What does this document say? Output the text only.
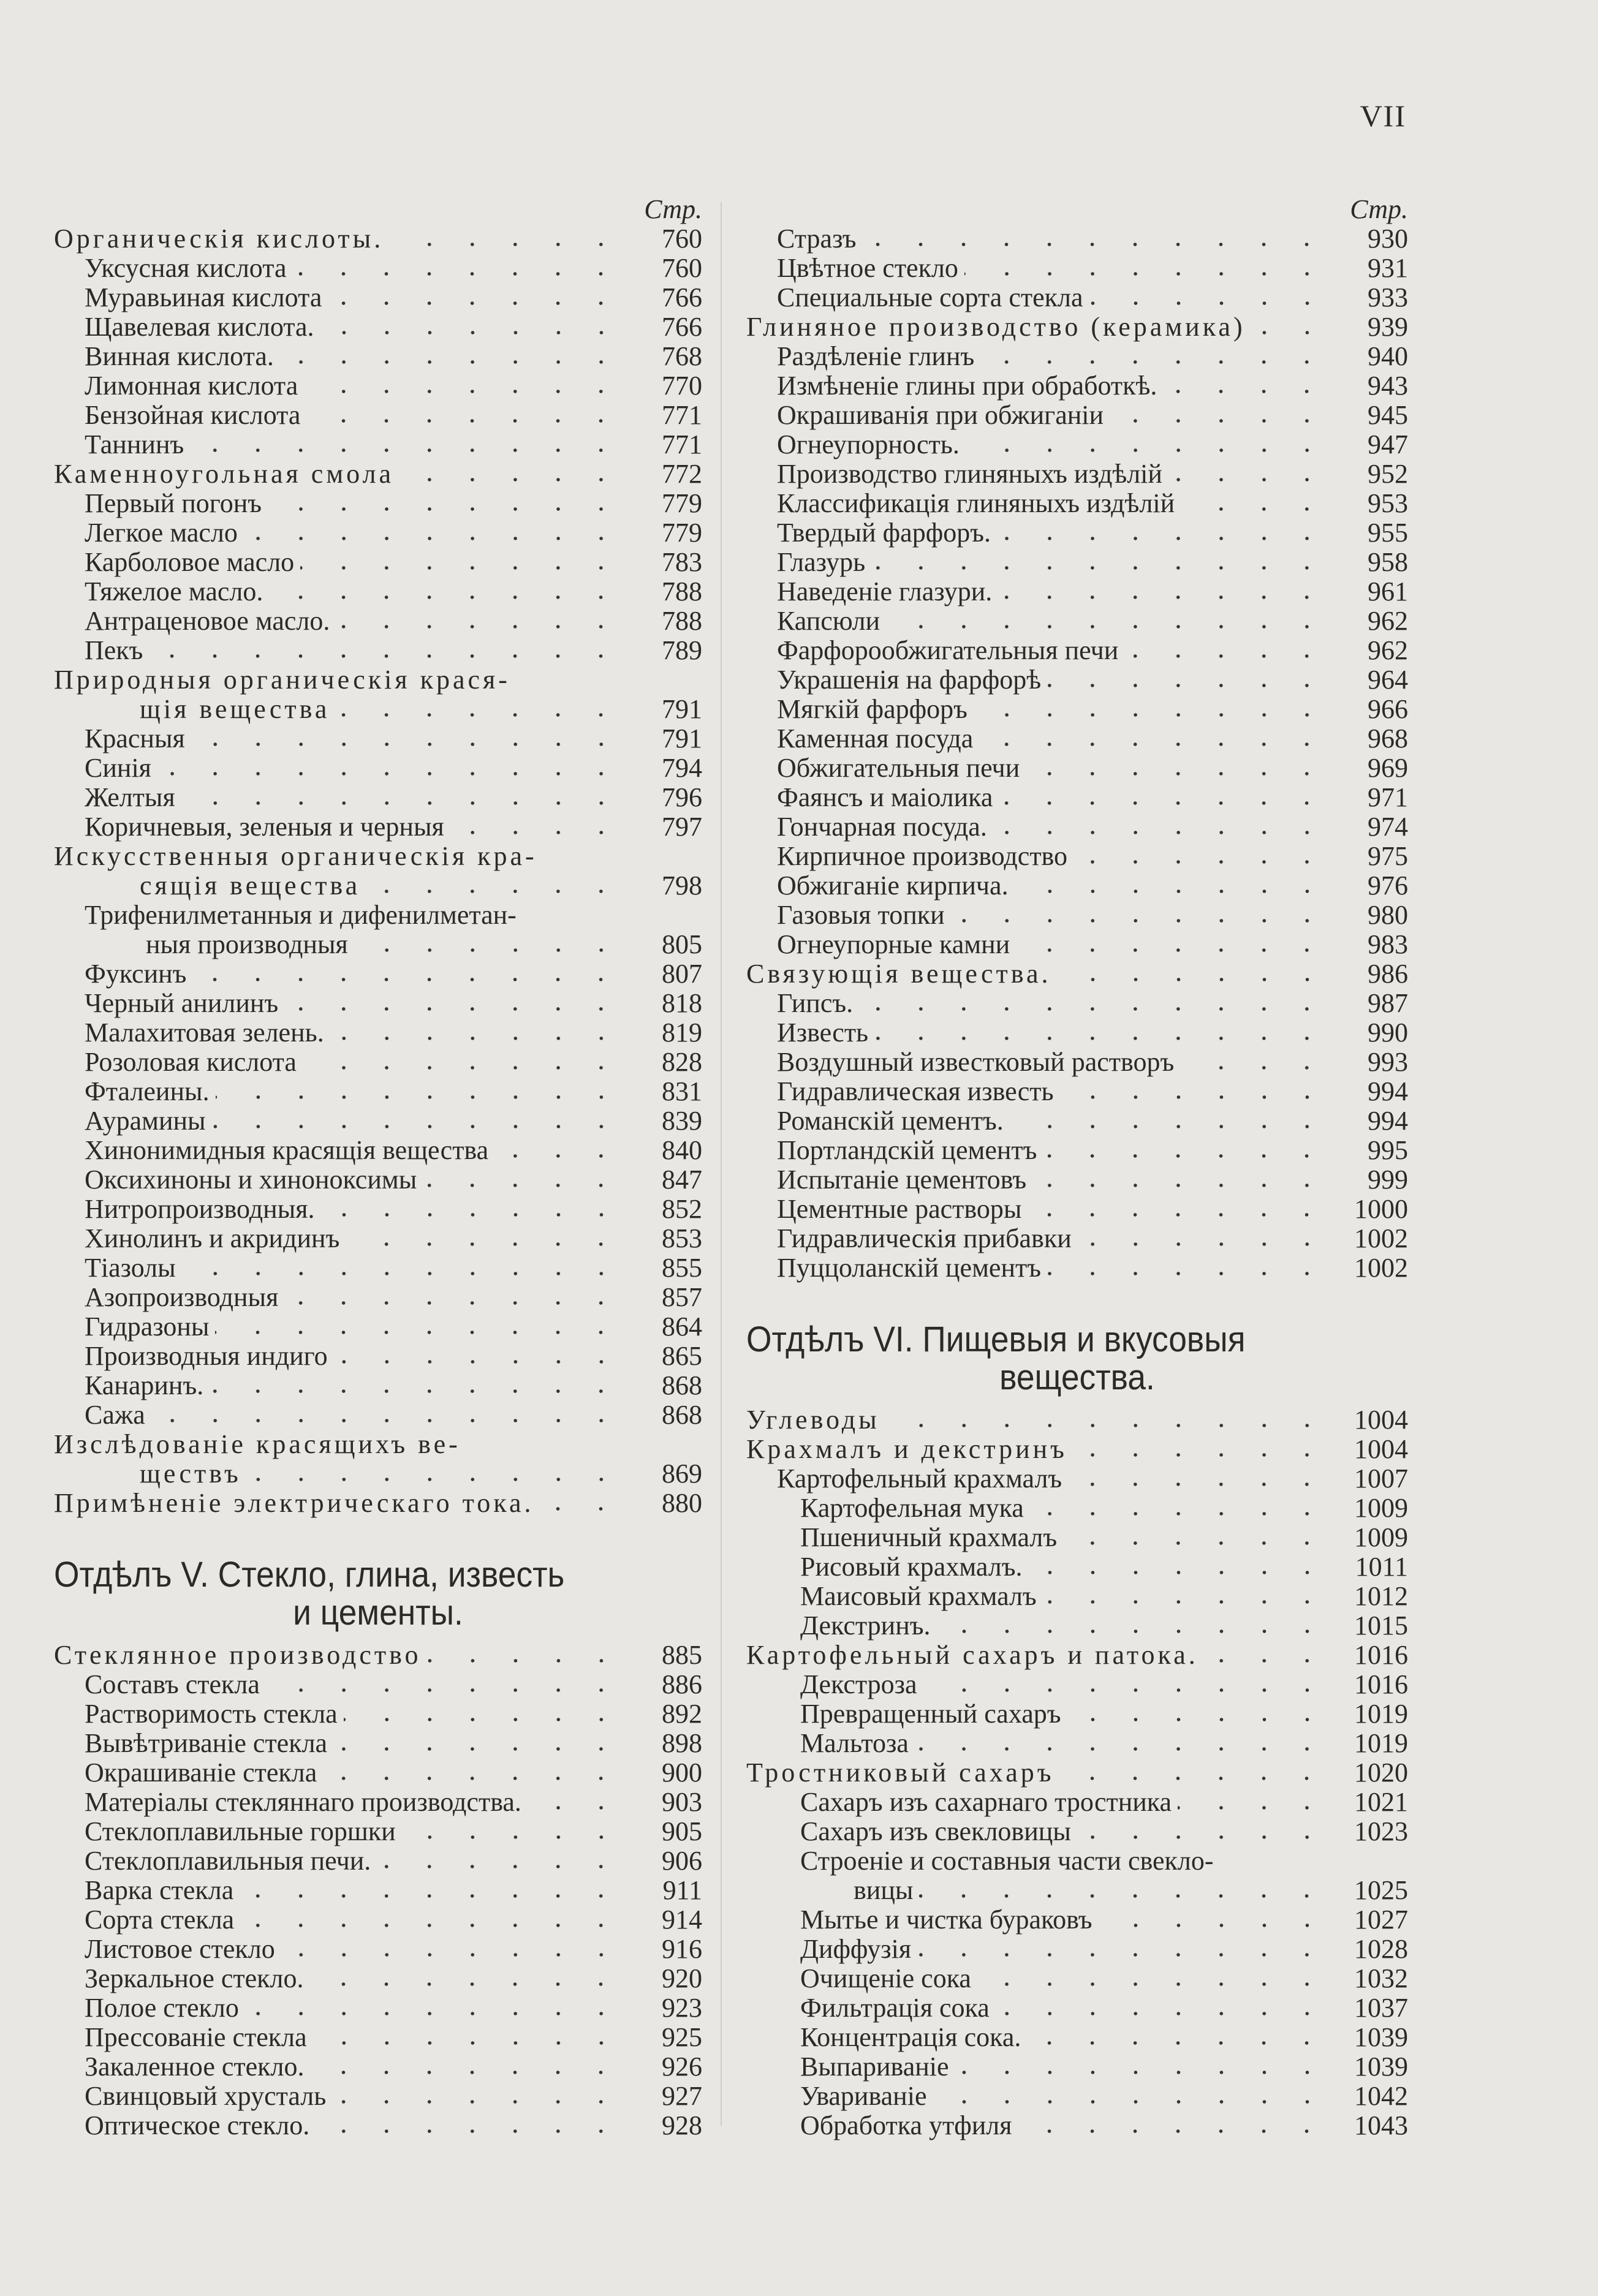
VII
Стр.
Органическія кислоты.	760
Уксусная кислота	760
Муравьиная кислота	766
Щавелевая кислота.	766
Винная кислота.	768
Лимонная кислота	770
Бензойная кислота	771
Таннинъ	771
Каменноугольная смола	772
Первый погонъ	779
Легкое масло	779
Карболовое масло	783
Тяжелое масло.	788
Антраценовое масло.	788
Пекъ	789
Природныя органическія крася-
щія вещества	791
Красныя	791
Синія	794
Желтыя	796
Коричневыя, зеленыя и черныя	797
Искусственныя органическія кра-
сящія вещества	798
Трифенилметанныя и дифенилметан-
ныя производныя	805
Фуксинъ	807
Черный анилинъ	818
Малахитовая зелень.	819
Розоловая кислота	828
Фталеины.	831
Аурамины	839
Хинонимидныя красящія вещества	840
Оксихиноны и хиноноксимы	847
Нитропроизводныя.	852
Хинолинъ и акридинъ	853
Тіазолы	855
Азопроизводныя	857
Гидразоны	864
Производныя индиго	865
Канаринъ.	868
Сажа	868
Изслѣдованіе красящихъ ве-
ществъ	869
Примѣненіе электрическаго тока.	880
Отдѣлъ V. Стекло, глина, известь
и цементы.
Стеклянное производство	885
Составъ стекла	886
Растворимость стекла	892
Вывѣтриваніе стекла	898
Окрашиваніе стекла	900
Матеріалы стекляннаго производства.	903
Стеклоплавильные горшки	905
Стеклоплавильныя печи.	906
Варка стекла	911
Сорта стекла	914
Листовое стекло	916
Зеркальное стекло.	920
Полое стекло	923
Прессованіе стекла	925
Закаленное стекло.	926
Свинцовый хрусталь	927
Оптическое стекло.	928
Стр.
Стразъ	930
Цвѣтное стекло	931
Специальные сорта стекла	933
Глиняное производство (керамика)	939
Раздѣленіе глинъ	940
Измѣненіе глины при обработкѣ.	943
Окрашиванія при обжиганіи	945
Огнеупорность.	947
Производство глиняныхъ издѣлій	952
Классификація глиняныхъ издѣлій	953
Твердый фарфоръ.	955
Глазурь	958
Наведеніе глазури.	961
Капсюли	962
Фарфорообжигательныя печи	962
Украшенія на фарфорѣ	964
Мягкій фарфоръ	966
Каменная посуда	968
Обжигательныя печи	969
Фаянсъ и маіолика	971
Гончарная посуда.	974
Кирпичное производство	975
Обжиганіе кирпича.	976
Газовыя топки	980
Огнеупорные камни	983
Связующія вещества.	986
Гипсъ.	987
Известь	990
Воздушный известковый растворъ	993
Гидравлическая известь	994
Романскій цементъ.	994
Портландскій цементъ	995
Испытаніе цементовъ	999
Цементные растворы	1000
Гидравлическія прибавки	1002
Пуццоланскій цементъ	1002
Отдѣлъ VI. Пищевыя и вкусовыя
вещества.
Углеводы	1004
Крахмалъ и декстринъ	1004
Картофельный крахмалъ	1007
Картофельная мука	1009
Пшеничный крахмалъ	1009
Рисовый крахмалъ.	1011
Маисовый крахмалъ	1012
Декстринъ.	1015
Картофельный сахаръ и патока.	1016
Декстроза	1016
Превращенный сахаръ	1019
Мальтоза	1019
Тростниковый сахаръ	1020
Сахаръ изъ сахарнаго тростника	1021
Сахаръ изъ свекловицы	1023
Строеніе и составныя части свекло-
вицы	1025
Мытье и чистка бураковъ	1027
Диффузія	1028
Очищеніе сока	1032
Фильтрація сока	1037
Концентрація сока.	1039
Выпариваніе	1039
Увариваніе	1042
Обработка утфиля	1043
